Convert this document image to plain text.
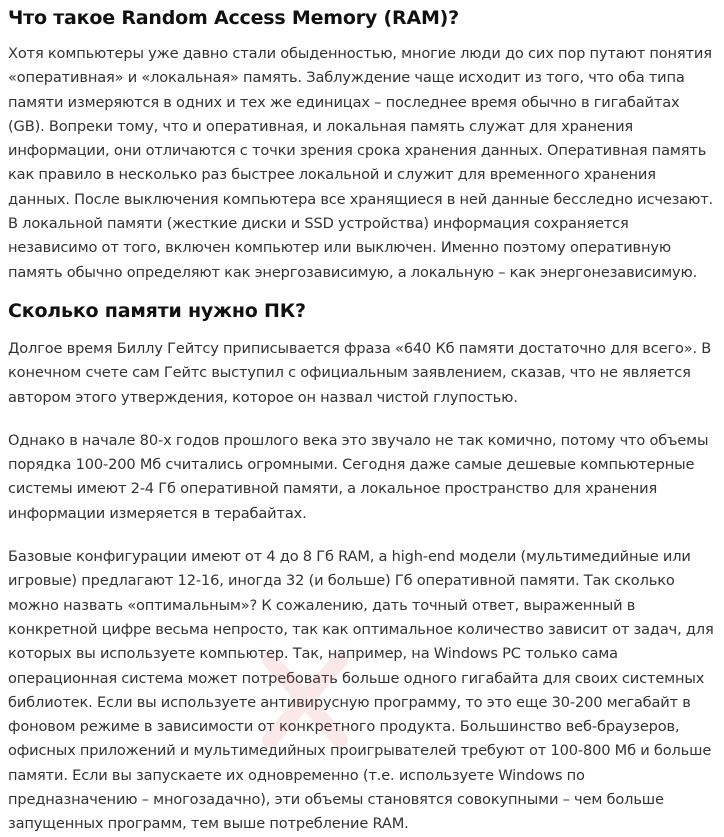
Что такое Random Access Memory (RAM)?

Хотя компьютеры уже давно стали обыденностью, многие люди до сих пор путают понятия «оперативная» и «локальная» память. Заблуждение чаще исходит из того, что оба типа памяти измеряются в одних и тех же единицах – последнее время обычно в гигабайтах (GB). Вопреки тому, что и оперативная, и локальная память служат для хранения информации, они отличаются с точки зрения срока хранения данных. Оперативная память как правило в несколько раз быстрее локальной и служит для временного хранения данных. После выключения компьютера все хранящиеся в ней данные бесследно исчезают. В локальной памяти (жесткие диски и SSD устройства) информация сохраняется независимо от того, включен компьютер или выключен. Именно поэтому оперативную память обычно определяют как энергозависимую, а локальную – как энергонезависимую.

Сколько памяти нужно ПК?

Долгое время Биллу Гейтсу приписывается фраза «640 Кб памяти достаточно для всего». В конечном счете сам Гейтс выступил с официальным заявлением, сказав, что не является автором этого утверждения, которое он назвал чистой глупостью.

Однако в начале 80-х годов прошлого века это звучало не так комично, потому что объемы порядка 100-200 Мб считались огромными. Сегодня даже самые дешевые компьютерные системы имеют 2-4 Гб оперативной памяти, а локальное пространство для хранения информации измеряется в терабайтах.

Базовые конфигурации имеют от 4 до 8 Гб RAM, а high-end модели (мультимедийные или игровые) предлагают 12-16, иногда 32 (и больше) Гб оперативной памяти. Так сколько можно назвать «оптимальным»? К сожалению, дать точный ответ, выраженный в конкретной цифре весьма непросто, так как оптимальное количество зависит от задач, для которых вы используете компьютер. Так, например, на Windows PC только сама операционная система может потребовать больше одного гигабайта для своих системных библиотек. Если вы используете антивирусную программу, то это еще 30-200 мегабайт в фоновом режиме в зависимости от конкретного продукта. Большинство веб-браузеров, офисных приложений и мультимедийных проигрывателей требуют от 100-800 Мб и больше памяти. Если вы запускаете их одновременно (т.е. используете Windows по предназначению – многозадачно), эти объемы становятся совокупными – чем больше запущенных программ, тем выше потребление RAM.
